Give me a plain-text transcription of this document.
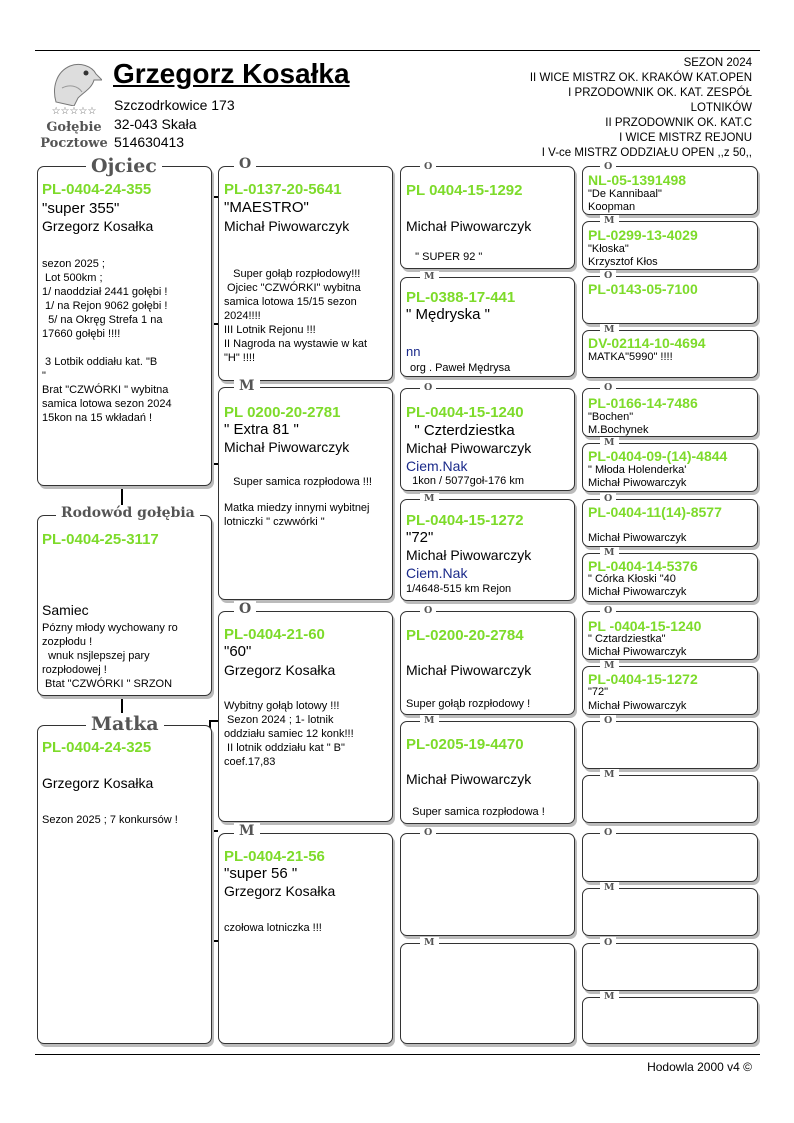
☆☆☆☆☆
Gołębie
Pocztowe
Grzegorz Kosałka
Szczodrkowice 173
32-043 Skała
514630413
SEZON 2024
II WICE MISTRZ OK. KRAKÓW KAT.OPEN
I PRZODOWNIK OK. KAT. ZESPÓŁ
LOTNIKÓW
II PRZODOWNIK OK. KAT.C
I WICE MISTRZ REJONU
I V-ce MISTRZ ODDZIAŁU OPEN ,,z 50,,
PL-0404-24-355
"super 355"
Grzegorz Kosałka
sezon 2025 ;
Lot 500km ;
1/ naoddział 2441 gołębi !
1/ na Rejon 9062 gołębi !
5/ na Okręg Strefa 1 na
17660 gołębi !!!!

3 Lotbik oddiału kat. "B
"
Brat "CZWÓRKI " wybitna
samica lotowa sezon 2024
15kon na 15 wkładań !
Ojciec
PL-0404-25-3117
Samiec
Pózny młody wychowany ro
zozpłodu !
wnuk nsjlepszej pary
rozpłodowej !
Btat "CZWÓRKI " SRZON
Rodowód gołębia
PL-0404-24-325
Grzegorz Kosałka
Sezon 2025 ; 7 konkursów !
Matka
PL-0137-20-5641
"MAESTRO"
Michał Piwowarczyk
Super gołąb rozpłodowy!!!
Ojciec "CZWÓRKI" wybitna
samica lotowa 15/15 sezon
2024!!!!
III Lotnik Rejonu !!!
II Nagroda na wystawie w kat
"H" !!!!
O
PL 0200-20-2781
" Extra 81 "
Michał Piwowarczyk
Super samica rozpłodowa !!!
Matka miedzy innymi wybitnej
lotniczki " czwwórki "
M
PL-0404-21-60
"60"
Grzegorz Kosałka
Wybitny gołąb lotowy !!!
Sezon 2024 ; 1- lotnik
oddziału samiec 12 konk!!!
II lotnik oddziału kat " B"
coef.17,83
O
PL-0404-21-56
"super 56 "
Grzegorz Kosałka
czołowa lotniczka !!!
M
PL 0404-15-1292
Michał Piwowarczyk
" SUPER 92 "
O
PL-0388-17-441
" Mędryska "
nn
org . Paweł Mędrysa
M
PL-0404-15-1240
" Czterdziestka
Michał Piwowarczyk
Ciem.Nak
1kon / 5077goł-176 km
O
PL-0404-15-1272
"72"
Michał Piwowarczyk
Ciem.Nak
1/4648-515 km Rejon
M
PL-0200-20-2784
Michał Piwowarczyk
Super gołąb rozpłodowy !
O
PL-0205-19-4470
Michał Piwowarczyk
Super samica rozpłodowa !
M
O
M
NL-05-1391498
"De Kannibaal"
Koopman
O
PL-0299-13-4029
"Kłoska"
Krzysztof Kłos
M
PL-0143-05-7100
O
DV-02114-10-4694
MATKA"5990" !!!!
M
PL-0166-14-7486
"Bochen"
M.Bochynek
O
PL-0404-09-(14)-4844
" Młoda Holenderka'
Michał Piwowarczyk
M
PL-0404-11(14)-8577
Michał Piwowarczyk
O
PL-0404-14-5376
" Córka Kłoski "40
Michał Piwowarczyk
M
PL -0404-15-1240
" Cztardziestka"
Michał Piwowarczyk
O
PL-0404-15-1272
"72"
Michał Piwowarczyk
M
O
M
O
M
O
M
Hodowla 2000 v4 ©
